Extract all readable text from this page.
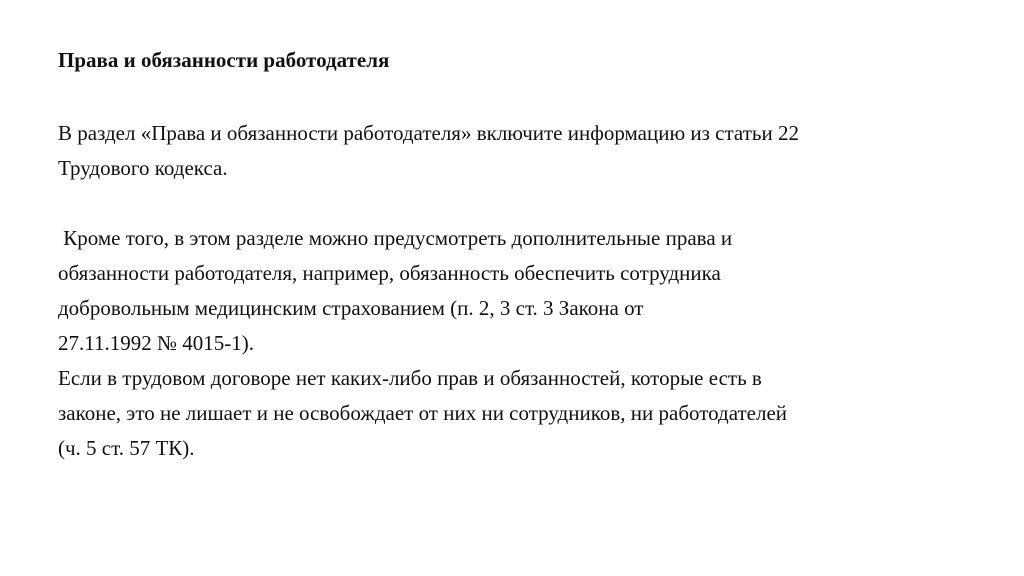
Права и обязанности работодателя
В раздел «Права и обязанности работодателя» включите информацию из статьи 22
Трудового кодекса.
Кроме того, в этом разделе можно предусмотреть дополнительные права и
обязанности работодателя, например, обязанность обеспечить сотрудника
добровольным медицинским страхованием (п. 2, 3 ст. 3 Закона от
27.11.1992 № 4015-1).
Если в трудовом договоре нет каких-либо прав и обязанностей, которые есть в
законе, это не лишает и не освобождает от них ни сотрудников, ни работодателей
(ч. 5 ст. 57 ТК).
